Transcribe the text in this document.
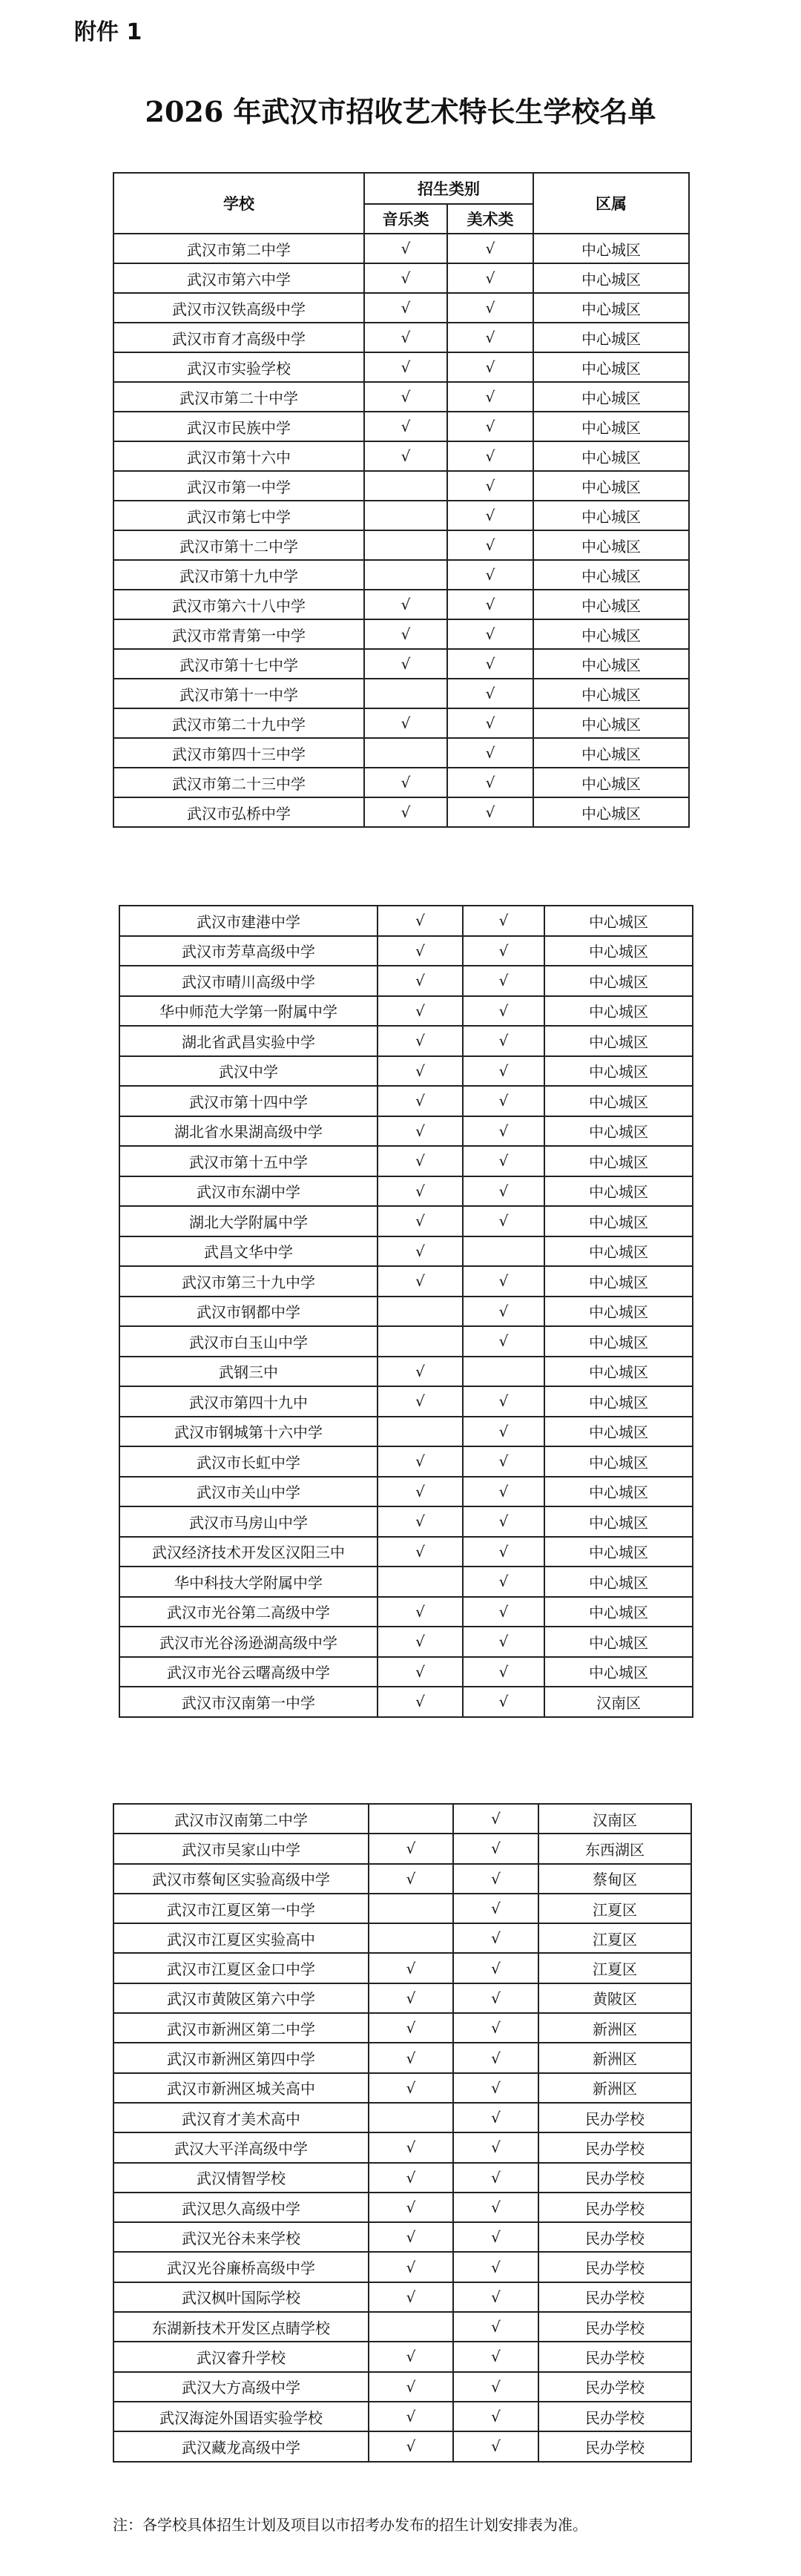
附件 1
2026 年武汉市招收艺术特长生学校名单
学校	招生类别		区属
	音乐类	美术类	
武汉市第二中学	√	√	中心城区
武汉市第六中学	√	√	中心城区
武汉市汉铁高级中学	√	√	中心城区
武汉市育才高级中学	√	√	中心城区
武汉市实验学校	√	√	中心城区
武汉市第二十中学	√	√	中心城区
武汉市民族中学	√	√	中心城区
武汉市第十六中	√	√	中心城区
武汉市第一中学		√	中心城区
武汉市第七中学		√	中心城区
武汉市第十二中学		√	中心城区
武汉市第十九中学		√	中心城区
武汉市第六十八中学	√	√	中心城区
武汉市常青第一中学	√	√	中心城区
武汉市第十七中学	√	√	中心城区
武汉市第十一中学		√	中心城区
武汉市第二十九中学	√	√	中心城区
武汉市第四十三中学		√	中心城区
武汉市第二十三中学	√	√	中心城区
武汉市弘桥中学	√	√	中心城区
武汉市建港中学	√	√	中心城区
武汉市芳草高级中学	√	√	中心城区
武汉市晴川高级中学	√	√	中心城区
华中师范大学第一附属中学	√	√	中心城区
湖北省武昌实验中学	√	√	中心城区
武汉中学	√	√	中心城区
武汉市第十四中学	√	√	中心城区
湖北省水果湖高级中学	√	√	中心城区
武汉市第十五中学	√	√	中心城区
武汉市东湖中学	√	√	中心城区
湖北大学附属中学	√	√	中心城区
武昌文华中学	√		中心城区
武汉市第三十九中学	√	√	中心城区
武汉市钢都中学		√	中心城区
武汉市白玉山中学		√	中心城区
武钢三中	√		中心城区
武汉市第四十九中	√	√	中心城区
武汉市钢城第十六中学		√	中心城区
武汉市长虹中学	√	√	中心城区
武汉市关山中学	√	√	中心城区
武汉市马房山中学	√	√	中心城区
武汉经济技术开发区汉阳三中	√	√	中心城区
华中科技大学附属中学		√	中心城区
武汉市光谷第二高级中学	√	√	中心城区
武汉市光谷汤逊湖高级中学	√	√	中心城区
武汉市光谷云曙高级中学	√	√	中心城区
武汉市汉南第一中学	√	√	汉南区
武汉市汉南第二中学		√	汉南区
武汉市吴家山中学	√	√	东西湖区
武汉市蔡甸区实验高级中学	√	√	蔡甸区
武汉市江夏区第一中学		√	江夏区
武汉市江夏区实验高中		√	江夏区
武汉市江夏区金口中学	√	√	江夏区
武汉市黄陂区第六中学	√	√	黄陂区
武汉市新洲区第二中学	√	√	新洲区
武汉市新洲区第四中学	√	√	新洲区
武汉市新洲区城关高中	√	√	新洲区
武汉育才美术高中		√	民办学校
武汉大平洋高级中学	√	√	民办学校
武汉情智学校	√	√	民办学校
武汉思久高级中学	√	√	民办学校
武汉光谷未来学校	√	√	民办学校
武汉光谷廉桥高级中学	√	√	民办学校
武汉枫叶国际学校	√	√	民办学校
东湖新技术开发区点睛学校		√	民办学校
武汉睿升学校	√	√	民办学校
武汉大方高级中学	√	√	民办学校
武汉海淀外国语实验学校	√	√	民办学校
武汉藏龙高级中学	√	√	民办学校
注：各学校具体招生计划及项目以市招考办发布的招生计划安排表为准。
